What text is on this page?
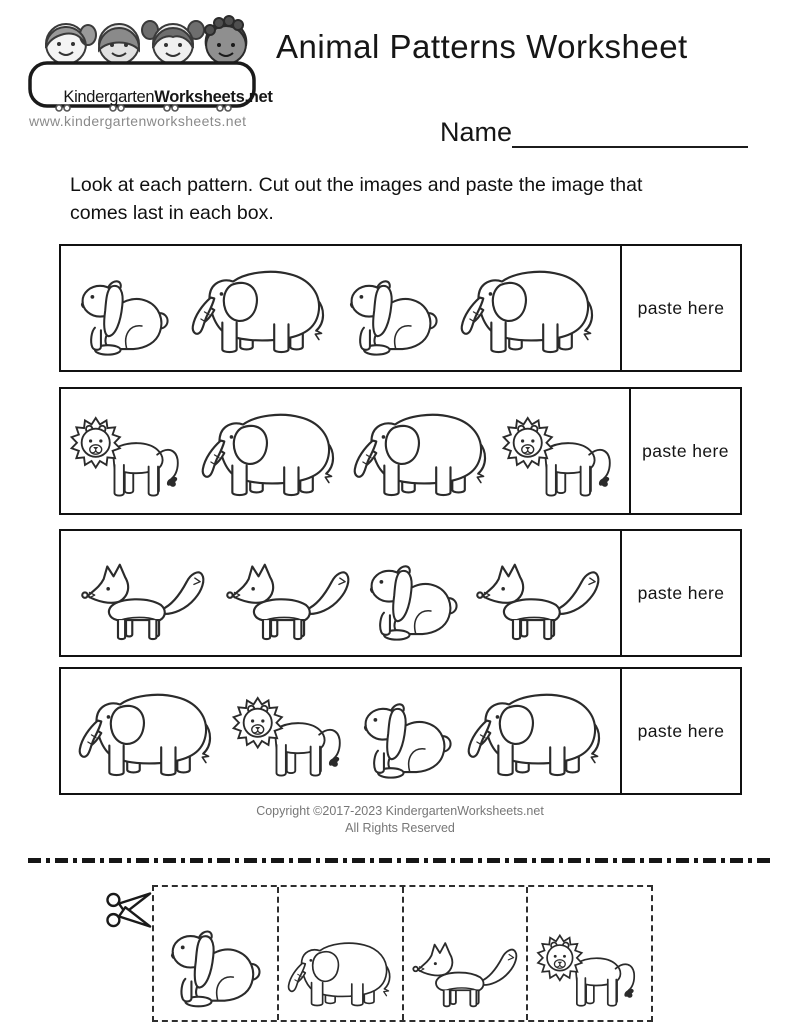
Kindergarten Worksheets.net
www.kindergartenworksheets.net
Animal Patterns Worksheet
Name
Look at each pattern. Cut out the images and paste the image that comes last in each box.
paste here
paste here
paste here
paste here
Copyright ©2017-2023 KindergartenWorksheets.net
All Rights Reserved
